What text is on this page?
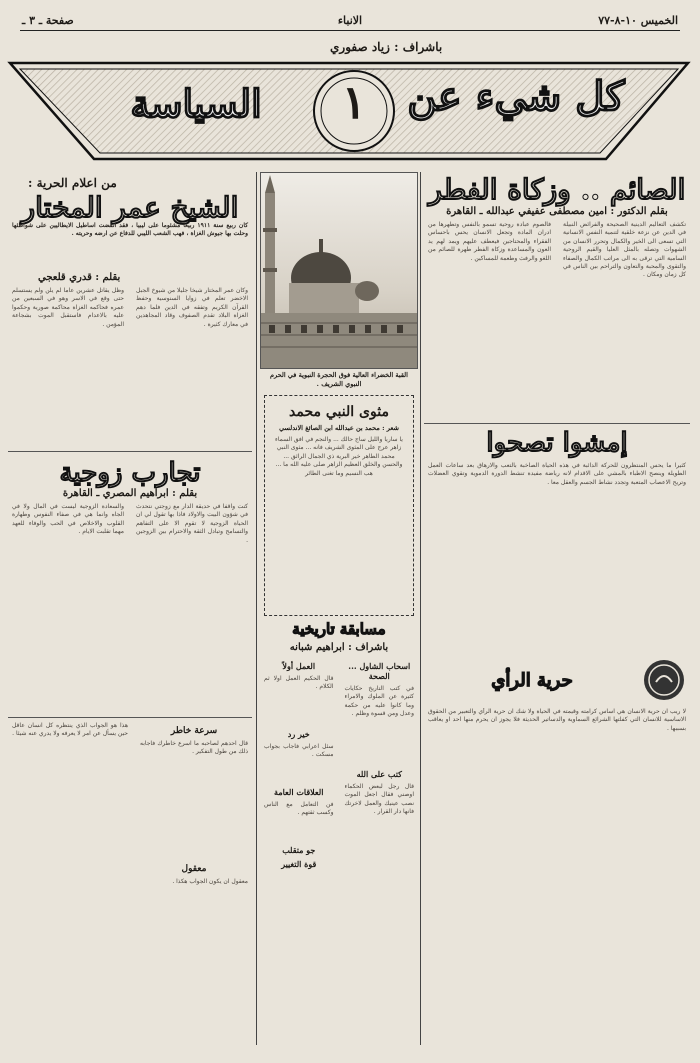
الخميس ١٠-٨-٧٧
الانباء
صفحة ـ ٣ ـ
باشراف : زياد صفوري
كل شيء عن
١
السياسة
الصائم .. وزكاة الفطر
بقلم الدكتور : امين مصطفى عفيفي عبدالله ـ القاهرة
تكشف التعاليم الدينية الصحيحة والفرائض النبيلة في الدين عن نزعة خلقية لتنمية النفس الانسانية التي تسعى الى الخير والكمال وتحرر الانسان من الشهوات وتصله بالمثل العليا والقيم الروحية السامية التي ترقى به الى مراتب الكمال والصفاء والتقوى والمحبة والتعاون والتراحم بين الناس في كل زمان ومكان .
فالصوم عبادة روحية تسمو بالنفس وتطهرها من ادران المادة وتجعل الانسان يحس باحساس الفقراء والمحتاجين فيعطف عليهم ويمد لهم يد العون والمساعدة وزكاة الفطر طهرة للصائم من اللغو والرفث وطعمة للمساكين .
إمشوا تصحوا
كثيرا ما يحس المنتظرون للحركة الدائبة في هذه الحياة الصاخبة بالتعب والارهاق بعد ساعات العمل الطويلة وينصح الاطباء بالمشي على الاقدام لانه رياضة مفيدة تنشط الدورة الدموية وتقوي العضلات وتريح الاعصاب المتعبة وتجدد نشاط الجسم والعقل معا .
حرية الرأي
لا ريب ان حرية الانسان هي اساس كرامته وقيمته في الحياة ولا شك ان حرية الرأي والتعبير من الحقوق الاساسية للانسان التي كفلتها الشرائع السماوية والدساتير الحديثة فلا يجوز ان يحرم منها احد او يعاقب بسببها .
القبة الخضراء العالية فوق الحجرة النبوية في الحرم النبوي الشريف .
مثوى النبي محمد
شعر : محمد بن عبدالله ابن الصائغ الاندلسي
يا ساريا والليل ساج حالك ... والنجم في افق السماء زاهر عرج على المثوى الشريف فانه ... مثوى النبي محمد الطاهر خير البرية ذي الجمال الرائق ... والحسن والخلق العظيم الزاهر صلى عليه الله ما ... هب النسيم وما تغنى الطائر
مسابقة تاريخية
باشراف : ابراهيم شبانه
اسحاب الشاول ... الصحة
في كتب التاريخ حكايات كثيرة عن الملوك والامراء وما كانوا عليه من حكمة وعدل ومن قسوة وظلم .
كتب على الله
قال رجل لبعض الحكماء اوصني فقال اجعل الموت نصب عينيك والعمل لاخرتك فانها دار القرار .
العمل أولاً
قال الحكيم العمل اولا ثم الكلام .
خير رد
سئل اعرابي فاجاب بجواب مسكت .
العلاقات العامة
فن التعامل مع الناس وكسب ثقتهم .
جو متقلب
قوة التغيير
من اعلام الحرية :
الشيخ عمر المختار
كان ربيع سنة ١٩١١ ربيعا مشئوما على ليبيا ، فقد انقضت اساطيل الايطاليين على شواطئها وحلت بها جيوش الغزاة ، فهب الشعب الليبي للدفاع عن ارضه وحريته .
بقلم : قدري قلعجي
وكان عمر المختار شيخا جليلا من شيوخ الجبل الاخضر تعلم في زوايا السنوسية وحفظ القرآن الكريم وتفقه في الدين فلما دهم الغزاة البلاد تقدم الصفوف وقاد المجاهدين في معارك كثيرة .
وظل يقاتل عشرين عاما لم يلن ولم يستسلم حتى وقع في الاسر وهو في السبعين من عمره فحاكمه الغزاة محاكمة صورية وحكموا عليه بالاعدام فاستقبل الموت بشجاعة المؤمن .
تجارب زوجية
بقلم : ابراهيم المصري ـ القاهرة
كنت واقفا في حديقة الدار مع زوجتي نتحدث في شؤون البيت والاولاد فاذا بها تقول لي ان الحياة الزوجية لا تقوم الا على التفاهم والتسامح وتبادل الثقة والاحترام بين الزوجين .
والسعادة الزوجية ليست في المال ولا في الجاه وانما هي في صفاء النفوس وطهارة القلوب والاخلاص في الحب والوفاء للعهد مهما تقلبت الايام .
سرعة خاطر
قال احدهم لصاحبه ما اسرع خاطرك فاجابه ذلك من طول التفكير .
معقول
معقول ان يكون الجواب هكذا .
هذا هو الجواب الذي ينتظره كل انسان عاقل حين يسأل عن امر لا يعرفه ولا يدري عنه شيئا .
